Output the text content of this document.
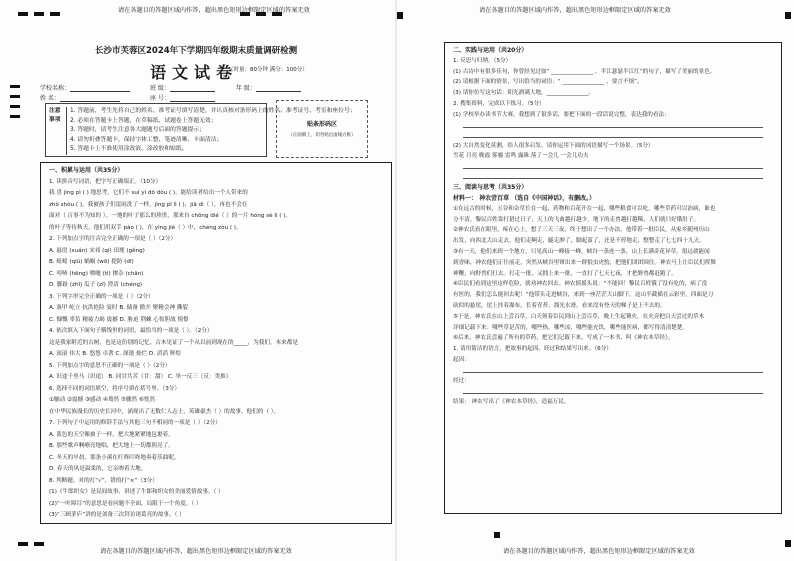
请在各题目的答题区域内作答，超出黑色矩形边框限定区域的答案无效
长沙市芙蓉区2024年下学期四年级期末质量调研检测
语文试卷
（时量：80分钟 满分：100分）
学校名称：	班 级：	年 级：
姓 名：	座 号：
注意事项
1. 答题前，考生先将自己的姓名、准考证号填写清楚，并认真核对条形码上的姓名、准考证号、考室和座位号；
2. 必须在答题卡上答题，在草稿纸、试题卷上答题无效；
3. 答题时，请考生注意各大题题号后面的答题提示；
4. 请勿折叠答题卡，保持字体工整、笔迹清晰、卡面清洁；
5. 答题卡上不准使用涂改液、涂改胶和贴纸。
贴条形码区
（正面朝上，切勿贴出虚线方框）
一、积累与运用（共35分）
1. 读拼音写词语，把字写正确端正。（10分）
我 喜 jìng pì ( ) 地思考，它们不 suí yì dǒ dòu ( )，能给读者给出一个人带来的
zhǒ shòu ( )。我被孩子们雷雨洗了一样，jìng pǐ lì ( )，jiǎ dì（ ），再也不会在
面对（ 百事不为知的 ）。一地的叶子那么的珍贵，那来自 chōng dié（ ）的一片 hóng sè lì ( )。
的叶子等待秋天，他们用双手 páo ( )，在 yìng jié（ ）中，chéng zòu ( )。
2. 下列加点字的注音完全正确的一项是（ ）（2分）
A. 悬崖 (xuán) 宋祁 (qí) 田埂 (gěng)
B. 蚯蚓 (qiū) 蜗蜗 (wō) 提防 (dī)
C. 哼哧 (hēng) 喷嚏 (tì) 掺杂 (chān)
D. 脚趾 (zhǐ) 瓜子 (zǐ) 澄清 (chéng)
3. 下列字形完全正确的一项是（ ）（2分）
A. 盔甲 屹立 抗洪抢险 宴时 B. 储备 掀开 聚精会神 撕裂
C. 慷慨 辜负 精疲力竭 震撼 D. 胁迫 荆棘 心惊胆战 憧憬
4. 依次填入下面句子横线里的词语，最恰当的一项是（ ）。（2分）
这是我家附近的古树，也是这份别的记忆。古木见证了一个从以前到现在的_____，为我们，本来都是
A. 滚滚 伟大 B. 悠悠 卓著 C. 深邃 灿烂 D. 滔滔 辉煌
5. 下列加点字的意思不正确的一项是（ ）（2分）
A. 识途千里马（识途） B. 同甘共苦（甘：甜） C. 举一反三（反：类推）
6. 选择不同的词语填空，将序号填在括号里。（3分）
①触动 ②震撼 ③感动 ④蓦然 ⑤骤然 ⑥恍然
在中华民族漫长的历史长河中，涌现出了无数仁人志士，英雄豪杰（ ）的故事，他们的（ ）。
7. 下列句子中运用的修辞手法与其他三句不相同的一项是（ ）（2分）
A. 蓝色的天空像被子一样，把大地紧紧地包裹着。
B. 那些歌声啊嘹亮地唱，把大地上一切都照亮了。
C. 冬天的早晨，那条小溪在叮咚叮咚地奏着乐曲呢。
D. 春天的风是温柔的，它亲吻着大地。
8. 判断题。对的打“√”，错的打“×”（3分）
(1)《牛郎织女》是民间故事，讲述了牛郎和织女的美丽爱情故事。（ ）
(2)“一叶障目”的意思是看问题不全面，局限于一个角度。（ ）
(3)“三顾茅庐”讲的是刘备三次拜访诸葛亮的故事。（ ）
请在各题目的答题区域内作答，超出黑色矩形边框限定区域的答案无效
请在各题目的答题区域内作答，超出黑色矩形边框限定区域的答案无效
二、实践与运用（共20分）
1. 反思与归纳。（5分）
(1) 古诗中有很多佳句，你曾经见过如“ _______________ ，半江瑟瑟半江红”的句子，描写了美丽的景色。
(2) 请根据下面的情景，写出恰当的词语：“ _______________ ，要言不烦”。
(3) 请你仿写这句话：阳光洒满大地，_______________。
2. 搜集资料，完成以下练习。（5分）
(1) 学校举办读书节大赛，我想到了很多话，要把下面的一段话说完整，表达我的看法：
(2) 大自然变化莫测，给人很多启发。请你运用下面的词语描写一个场景。（5分）
雪花 月亮 晚霞 雾霾 雷鸣 露珠 落了一会儿 一会儿功夫
三、阅读与思考（共35分）
材料一： 神农尝百草 （选自《中国神话》，有删改。）
①在远古的时候，五谷和杂草长在一起，药物和百花开在一起，哪些粮食可以吃，哪些草药可以治病，谁也
分不清。黎民百姓靠打猎过日子，天上的飞禽越打越少，地下的走兽越打越稀，人们就只好饿肚子。
②神农氏看在眼里，疼在心上，想了三天三夜，终于想出了一个办法。他带着一批臣民，从家乡随州历山
出发，向西北大山走去。他们走啊走，腿走肿了，脚起茧了，还是不停地走，整整走了七七四十九天。
③有一天，他们来到一个地方，只见高山一峰接一峰，峡谷一条连一条，山上长满奇花异草，很远就能闻
到香味。神农他们正往前走，突然从峡谷里窜出来一群狼虫虎豹，把他们团团围住。神农马上让臣民们挥舞
神鞭，向野兽们打去。打走一批，又拥上来一批，一直打了七天七夜，才把野兽都赶跑了。
④臣民们看到这里这样危险，就劝神农回去。神农摇摇头说：“不能回！黎民百姓饿了没有吃的，病了没
有医的，我们怎么能回去呢！”他带头走进峡谷，来到一座茫茫大山脚下。这山半截插在云彩里，四面是刀
砍似的悬崖，崖上挂着瀑布，长着青苔，溜光水滑，看来没有登天的梯子是上不去的。
⑤于是，神农氏在山上尝百草，白天领着臣民到山上尝百草，晚上生起篝火，在火旁把白天尝过的草木
详细记载下来：哪些草是苦的，哪些热，哪些凉，哪些能充饥，哪些能医病，都写得清清楚楚。
⑥后来，神农氏尝遍了所有的草药，把它们记载下来，写成了一本书，叫《神农本草经》。
1. 请用简洁的语言，把故事的起因、经过和结果写出来。（6分）
起因：
经过：
结果： 神农写出了《神农本草经》，造福万民。
请在各题目的答题区域内作答，超出黑色矩形边框限定区域的答案无效
